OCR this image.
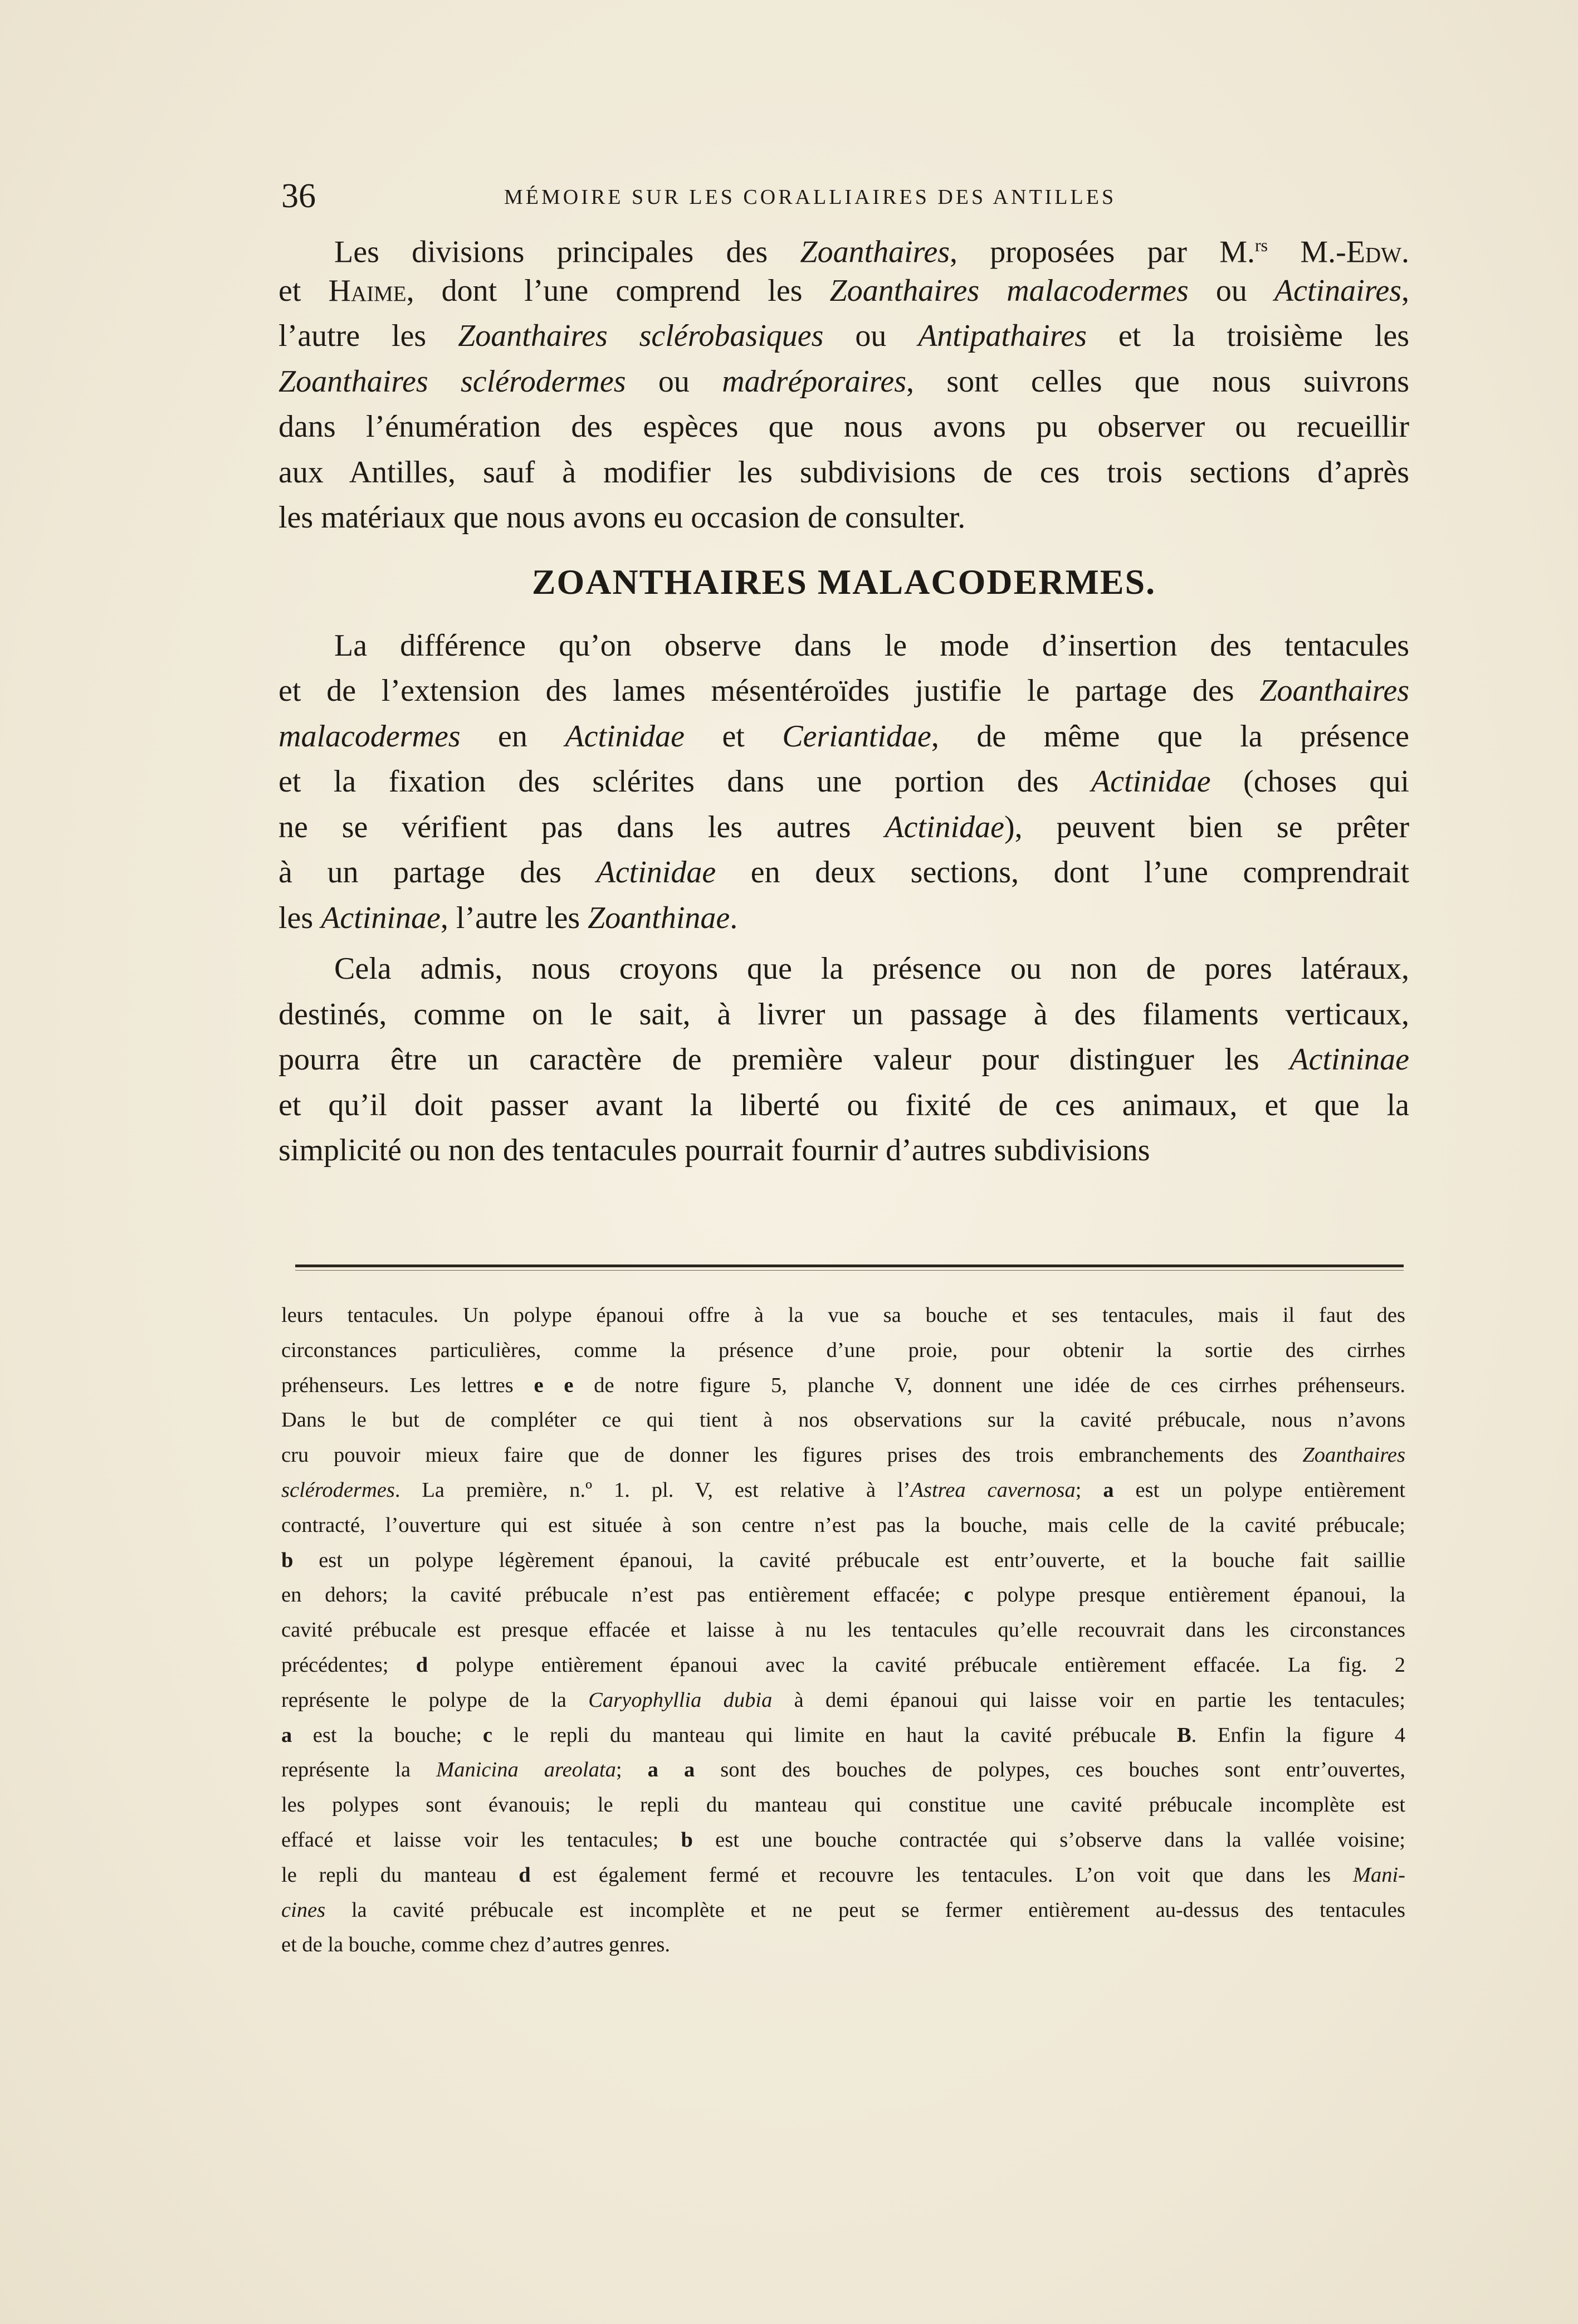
36	MÉMOIRE SUR LES CORALLIAIRES DES ANTILLES
Les divisions principales des Zoanthaires, proposées par M.$^{rs}$ M.-Edw.
et Haime, dont l’une comprend les Zoanthaires malacodermes ou Actinaires,
l’autre les Zoanthaires sclérobasiques ou Antipathaires et la troisième les
Zoanthaires sclérodermes ou madréporaires, sont celles que nous suivrons
dans l’énumération des espèces que nous avons pu observer ou recueillir
aux Antilles, sauf à modifier les subdivisions de ces trois sections d’après
les matériaux que nous avons eu occasion de consulter.
ZOANTHAIRES MALACODERMES.
La différence qu’on observe dans le mode d’insertion des tentacules
et de l’extension des lames mésentéroïdes justifie le partage des Zoanthaires
malacodermes en Actinidae et Ceriantidae, de même que la présence
et la fixation des sclérites dans une portion des Actinidae (choses qui
ne se vérifient pas dans les autres Actinidae), peuvent bien se prêter
à un partage des Actinidae en deux sections, dont l’une comprendrait
les Actininae, l’autre les Zoanthinae.
Cela admis, nous croyons que la présence ou non de pores latéraux,
destinés, comme on le sait, à livrer un passage à des filaments verticaux,
pourra être un caractère de première valeur pour distinguer les Actininae
et qu’il doit passer avant la liberté ou fixité de ces animaux, et que la
simplicité ou non des tentacules pourrait fournir d’autres subdivisions
leurs tentacules. Un polype épanoui offre à la vue sa bouche et ses tentacules, mais il faut des
circonstances particulières, comme la présence d’une proie, pour obtenir la sortie des cirrhes
préhenseurs. Les lettres e e de notre figure 5, planche V, donnent une idée de ces cirrhes préhenseurs.
Dans le but de compléter ce qui tient à nos observations sur la cavité prébucale, nous n’avons
cru pouvoir mieux faire que de donner les figures prises des trois embranchements des Zoanthaires
sclérodermes. La première, n.º 1. pl. V, est relative à l’Astrea cavernosa; a est un polype entièrement
contracté, l’ouverture qui est située à son centre n’est pas la bouche, mais celle de la cavité prébucale;
b est un polype légèrement épanoui, la cavité prébucale est entr’ouverte, et la bouche fait saillie
en dehors; la cavité prébucale n’est pas entièrement effacée; c polype presque entièrement épanoui, la
cavité prébucale est presque effacée et laisse à nu les tentacules qu’elle recouvrait dans les circonstances
précédentes; d polype entièrement épanoui avec la cavité prébucale entièrement effacée. La fig. 2
représente le polype de la Caryophyllia dubia à demi épanoui qui laisse voir en partie les tentacules;
a est la bouche; c le repli du manteau qui limite en haut la cavité prébucale B. Enfin la figure 4
représente la Manicina areolata; a a sont des bouches de polypes, ces bouches sont entr’ouvertes,
les polypes sont évanouis; le repli du manteau qui constitue une cavité prébucale incomplète est
effacé et laisse voir les tentacules; b est une bouche contractée qui s’observe dans la vallée voisine;
le repli du manteau d est également fermé et recouvre les tentacules. L’on voit que dans les Mani-
cines la cavité prébucale est incomplète et ne peut se fermer entièrement au-dessus des tentacules
et de la bouche, comme chez d’autres genres.
